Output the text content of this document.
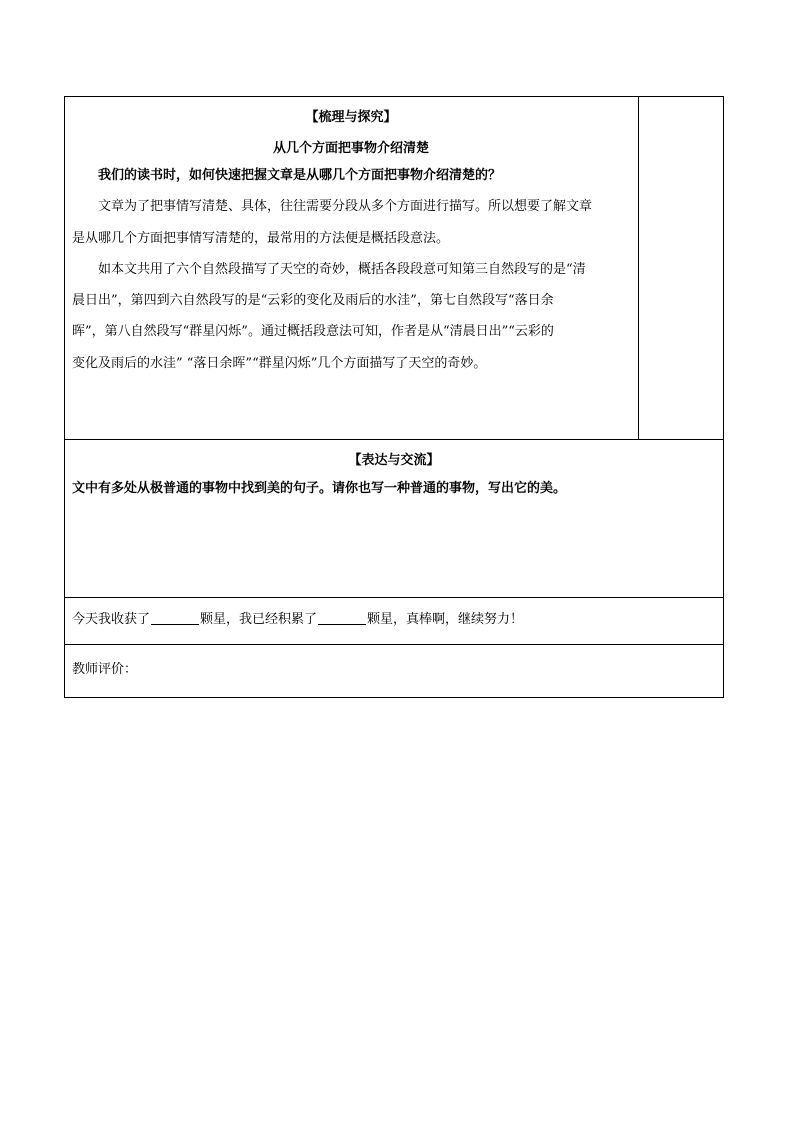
【梳理与探究】
从几个方面把事物介绍清楚
我们的读书时，如何快速把握文章是从哪几个方面把事物介绍清楚的？
文章为了把事情写清楚、具体，往往需要分段从多个方面进行描写。所以想要了解文章
是从哪几个方面把事情写清楚的，最常用的方法便是概括段意法。
如本文共用了六个自然段描写了天空的奇妙，概括各段段意可知第三自然段写的是“清
晨日出”，第四到六自然段写的是“云彩的变化及雨后的水洼”，第七自然段写“落日余
晖”，第八自然段写“群星闪烁”。通过概括段意法可知，作者是从“清晨日出”“云彩的
变化及雨后的水洼” “落日余晖”“群星闪烁”几个方面描写了天空的奇妙。
【表达与交流】
文中有多处从极普通的事物中找到美的句子。请你也写一种普通的事物，写出它的美。
今天我收获了	颗星，我已经积累了	颗星，真棒啊，继续努力！
教师评价：
